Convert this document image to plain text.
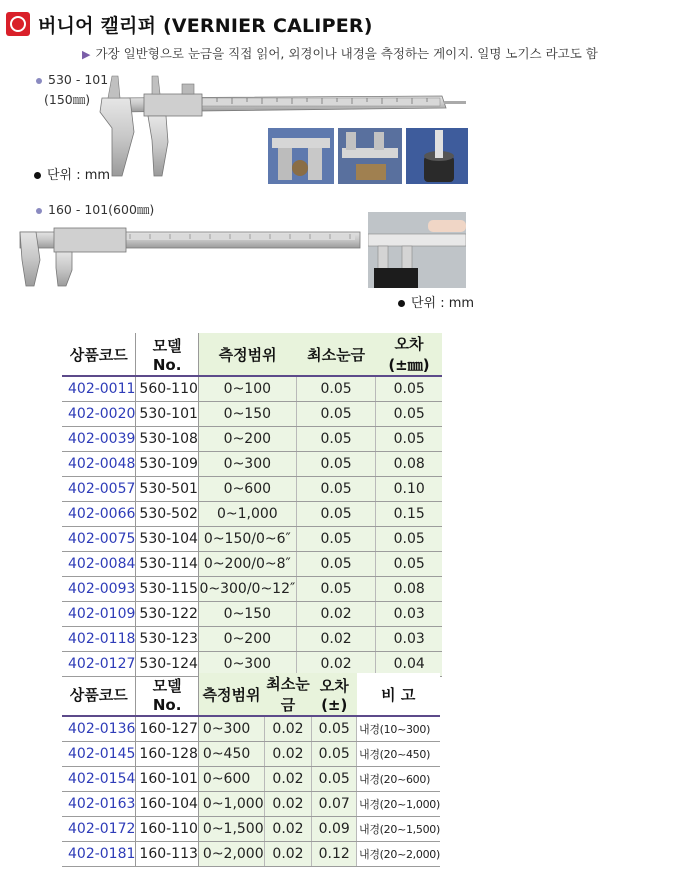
버니어 캘리퍼 (VERNIER CALIPER)
▶ 가장 일반형으로 눈금을 직접 읽어, 외경이나 내경을 측정하는 게이지. 일명 노기스 라고도 함
530 - 101
(150㎜)
단위 : mm
160 - 101(600㎜)
단위 : mm
상품코드	모델No.	측정범위	최소눈금	오차(±㎜)
402-0011	560-110	0~100	0.05	0.05
402-0020	530-101	0~150	0.05	0.05
402-0039	530-108	0~200	0.05	0.05
402-0048	530-109	0~300	0.05	0.08
402-0057	530-501	0~600	0.05	0.10
402-0066	530-502	0~1,000	0.05	0.15
402-0075	530-104	0~150/0~6″	0.05	0.05
402-0084	530-114	0~200/0~8″	0.05	0.05
402-0093	530-115	0~300/0~12″	0.05	0.08
402-0109	530-122	0~150	0.02	0.03
402-0118	530-123	0~200	0.02	0.03
402-0127	530-124	0~300	0.02	0.04
상품코드	모델No.	측정범위	최소눈금	오차(±)	비 고
402-0136	160-127	0~300	0.02	0.05	내경(10~300)
402-0145	160-128	0~450	0.02	0.05	내경(20~450)
402-0154	160-101	0~600	0.02	0.05	내경(20~600)
402-0163	160-104	0~1,000	0.02	0.07	내경(20~1,000)
402-0172	160-110	0~1,500	0.02	0.09	내경(20~1,500)
402-0181	160-113	0~2,000	0.02	0.12	내경(20~2,000)
